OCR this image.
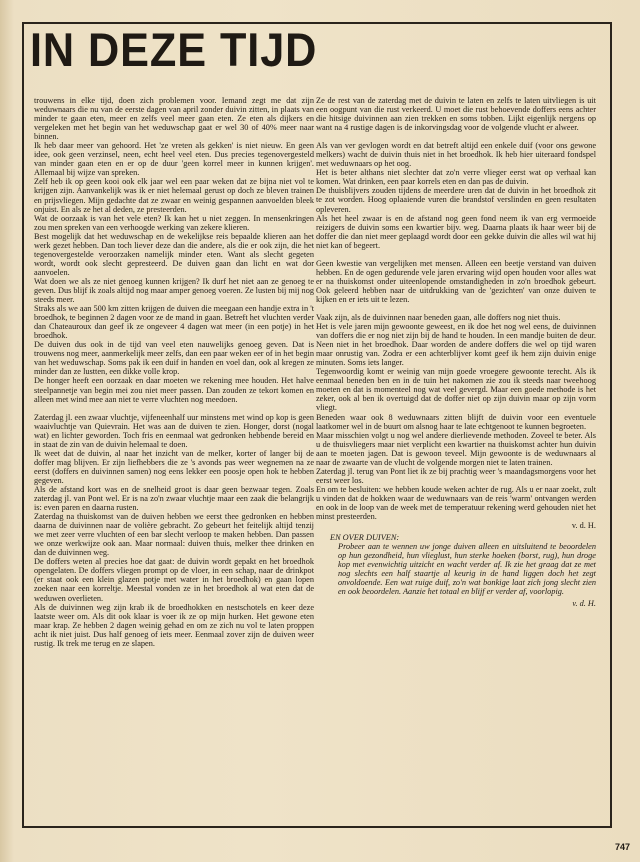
IN DEZE TIJD

trouwens in elke tijd, doen zich problemen voor. Iemand zegt me dat zijn weduwnaars die nu van de eerste dagen van april zonder duivin zitten, in plaats van minder te gaan eten, meer en zelfs veel meer gaan eten. Ze eten als dijkers en vergeleken met het begin van het weduwschap gaat er wel 30 of 40% meer naar binnen.

Ik heb daar meer van gehoord. Het 'ze vreten als gekken' is niet nieuw. En geen idee, ook geen verzinsel, neen, echt heel veel eten. Dus precies tegenovergesteld van minder gaan eten en er op de duur 'geen korrel meer in kunnen krijgen'. Allemaal bij wijze van spreken.

Zelf heb ik op geen kooi ook elk jaar wel een paar weken dat ze bijna niet vol te krijgen zijn. Aanvankelijk was ik er niet helemaal gerust op doch ze bleven trainen en prijsvliegen. Mijn gedachte dat ze zwaar en weinig gespannen aanvoelden bleek onjuist. En als ze het al deden, ze presteerden.

Wat de oorzaak is van het vele eten? Ik kan het u niet zeggen. In mensenkringen zou men spreken van een verhoogde werking van zekere klieren.

Best mogelijk dat het weduwschap en de wekelijkse reis bepaalde klieren aan het werk gezet hebben. Dan toch liever deze dan die andere, als die er ook zijn, die het tegenovergestelde veroorzaken namelijk minder eten. Want als slecht gegeten wordt, wordt ook slecht gepresteerd. De duiven gaan dan licht en wat dor aanvoelen.

Wat doen we als ze niet genoeg kunnen krijgen? Ik durf het niet aan ze genoeg te geven. Dus blijf ik zoals altijd nog maar amper genoeg voeren. Ze lusten bij mij nog steeds meer.

Straks als we aan 500 km zitten krijgen de duiven die meegaan een handje extra in 't broedhok, te beginnen 2 dagen voor ze de mand in gaan. Betreft het vluchten verder dan Chateauroux dan geef ik ze ongeveer 4 dagen wat meer (in een potje) in het broedhok.

De duiven dus ook in de tijd van veel eten nauwelijks genoeg geven. Dat is trouwens nog meer, aanmerkelijk meer zelfs, dan een paar weken eer of in het begin van het weduwschap. Soms pak ik een duif in handen en voel dan, ook al kregen ze minder dan ze lustten, een dikke volle krop.

De honger heeft een oorzaak en daar moeten we rekening mee houden. Het halve steelpannetje van begin mei zou niet meer passen. Dan zouden ze tekort komen en alleen met wind mee aan niet te verre vluchten nog meedoen.

Zaterdag jl. een zwaar vluchtje, vijfeneenhalf uur minstens met wind op kop is geen waaivluchtje van Quievrain. Het was aan de duiven te zien. Honger, dorst (nogal wat) en lichter geworden. Toch fris en eenmaal wat gedronken hebbende bereid en in staat de zin van de duivin helemaal te doen.

Ik weet dat de duivin, al naar het inzicht van de melker, korter of langer bij de doffer mag blijven. Er zijn liefhebbers die ze 's avonds pas weer wegnemen na ze eerst (doffers en duivinnen samen) nog eens lekker een poosje open hok te hebben gegeven.

Als de afstand kort was en de snelheid groot is daar geen bezwaar tegen. Zoals zaterdag jl. van Pont wel. Er is na zo'n zwaar vluchtje maar een zaak die belangrijk is: even paren en daarna rusten.

Zaterdag na thuiskomst van de duiven hebben we eerst thee gedronken en hebben daarna de duivinnen naar de volière gebracht. Zo gebeurt het feitelijk altijd tenzij we met zeer verre vluchten of een bar slecht verloop te maken hebben. Dan passen we onze werkwijze ook aan. Maar normaal: duiven thuis, melker thee drinken en dan de duivinnen weg.

De doffers weten al precies hoe dat gaat: de duivin wordt gepakt en het broedhok opengelaten. De doffers vliegen prompt op de vloer, in een schap, naar de drinkpot (er staat ook een klein glazen potje met water in het broedhok) en gaan lopen zoeken naar een korreltje. Meestal vonden ze in het broedhok al wat eten dat de weduwen overlieten.

Als de duivinnen weg zijn krab ik de broedhokken en nestschotels en keer deze laatste weer om. Als dit ook klaar is voer ik ze op mijn hurken. Het gewone eten maar krap. Ze hebben 2 dagen weinig gehad en om ze zich nu vol te laten proppen acht ik niet juist. Dus half genoeg of iets meer. Eenmaal zover zijn de duiven weer rustig. Ik trek me terug en ze slapen.

Ze de rest van de zaterdag met de duivin te laten en zelfs te laten uitvliegen is uit een oogpunt van die rust verkeerd. U moet die rust behoevende doffers eens achter die hitsige duivinnen aan zien trekken en soms tobben. Lijkt eigenlijk nergens op want na 4 rustige dagen is de inkorvingsdag voor de volgende vlucht er alweer.

Als van ver gevlogen wordt en dat betreft altijd een enkele duif (voor ons gewone melkers) wacht de duivin thuis niet in het broedhok. Ik heb hier uiteraard fondspel met weduwnaars op het oog.

Het is beter althans niet slechter dat zo'n verre vlieger eerst wat op verhaal kan komen. Wat drinken, een paar korrels eten en dan pas de duivin.

De thuisblijvers zouden tijdens de meerdere uren dat de duivin in het broedhok zit te zot worden. Hoog oplaaiende vuren die brandstof verslinden en geen resultaten opleveren.

Als het heel zwaar is en de afstand nog geen fond neem ik van erg vermoeide reizigers de duivin soms een kwartier bijv. weg. Daarna plaats ik haar weer bij de doffer die dan niet meer geplaagd wordt door een gekke duivin die alles wil wat hij niet kan of begeert.

Geen kwestie van vergelijken met mensen. Alleen een beetje verstand van duiven hebben. En de ogen gedurende vele jaren ervaring wijd open houden voor alles wat er na thuiskomst onder uiteenlopende omstandigheden in zo'n broedhok gebeurt. Ook geleerd hebben naar de uitdrukking van de 'gezichten' van onze duiven te kijken en er iets uit te lezen.

Vaak zijn, als de duivinnen naar beneden gaan, alle doffers nog niet thuis.

Het is vele jaren mijn gewoonte geweest, en ik doe het nog wel eens, de duivinnen van doffers die er nog niet zijn bij de hand te houden. In een mandje buiten de deur. Neen niet in het broedhok. Daar worden de andere doffers die wel op tijd waren maar onrustig van. Zodra er een achterblijver komt geef ik hem zijn duivin enige minuten. Soms iets langer.

Tegenwoordig komt er weinig van mijn goede vroegere gewoonte terecht. Als ik eenmaal beneden ben en in de tuin het nakomen zie zou ik steeds naar tweehoog moeten en dat is momenteel nog wat veel gevergd. Maar een goede methode is het zeker, ook al ben ik overtuigd dat de doffer niet op zijn duivin maar op zijn vorm vliegt.

Beneden waar ook 8 weduwnaars zitten blijft de duivin voor een eventuele laatkomer wel in de buurt om alsnog haar te late echtgenoot te kunnen begroeten.

Maar misschien volgt u nog wel andere dierlievende methoden. Zoveel te beter. Als u de thuisvliegers maar niet verplicht een kwartier na thuiskomst achter hun duivin aan te moeten jagen. Dat is gewoon teveel. Mijn gewoonte is de weduwnaars al naar de zwaarte van de vlucht de volgende morgen niet te laten trainen.

Zaterdag jl. terug van Pont liet ik ze bij prachtig weer 's maandagsmorgens voor het eerst weer los.

En om te besluiten: we hebben koude weken achter de rug. Als u er naar zoekt, zult u vinden dat de hokken waar de weduwnaars van de reis 'warm' ontvangen werden en ook in de loop van de week met de temperatuur rekening werd gehouden niet het minst presteerden.

v. d. H.

EN OVER DUIVEN:

Probeer aan te wennen uw jonge duiven alleen en uitsluitend te beoordelen op hun gezondheid, hun vlieglust, hun sterke hoeken (borst, rug), hun droge kop met evenwichtig uitzicht en wacht verder af. Ik zie het graag dat ze met nog slechts een half staartje al keurig in de hand liggen doch het zegt onvoldoende. Een wat ruige duif, zo'n wat bonkige laat zich jong slecht zien en ook beoordelen. Aanzie het totaal en blijf er verder af, voorlopig.

v. d. H.

747
